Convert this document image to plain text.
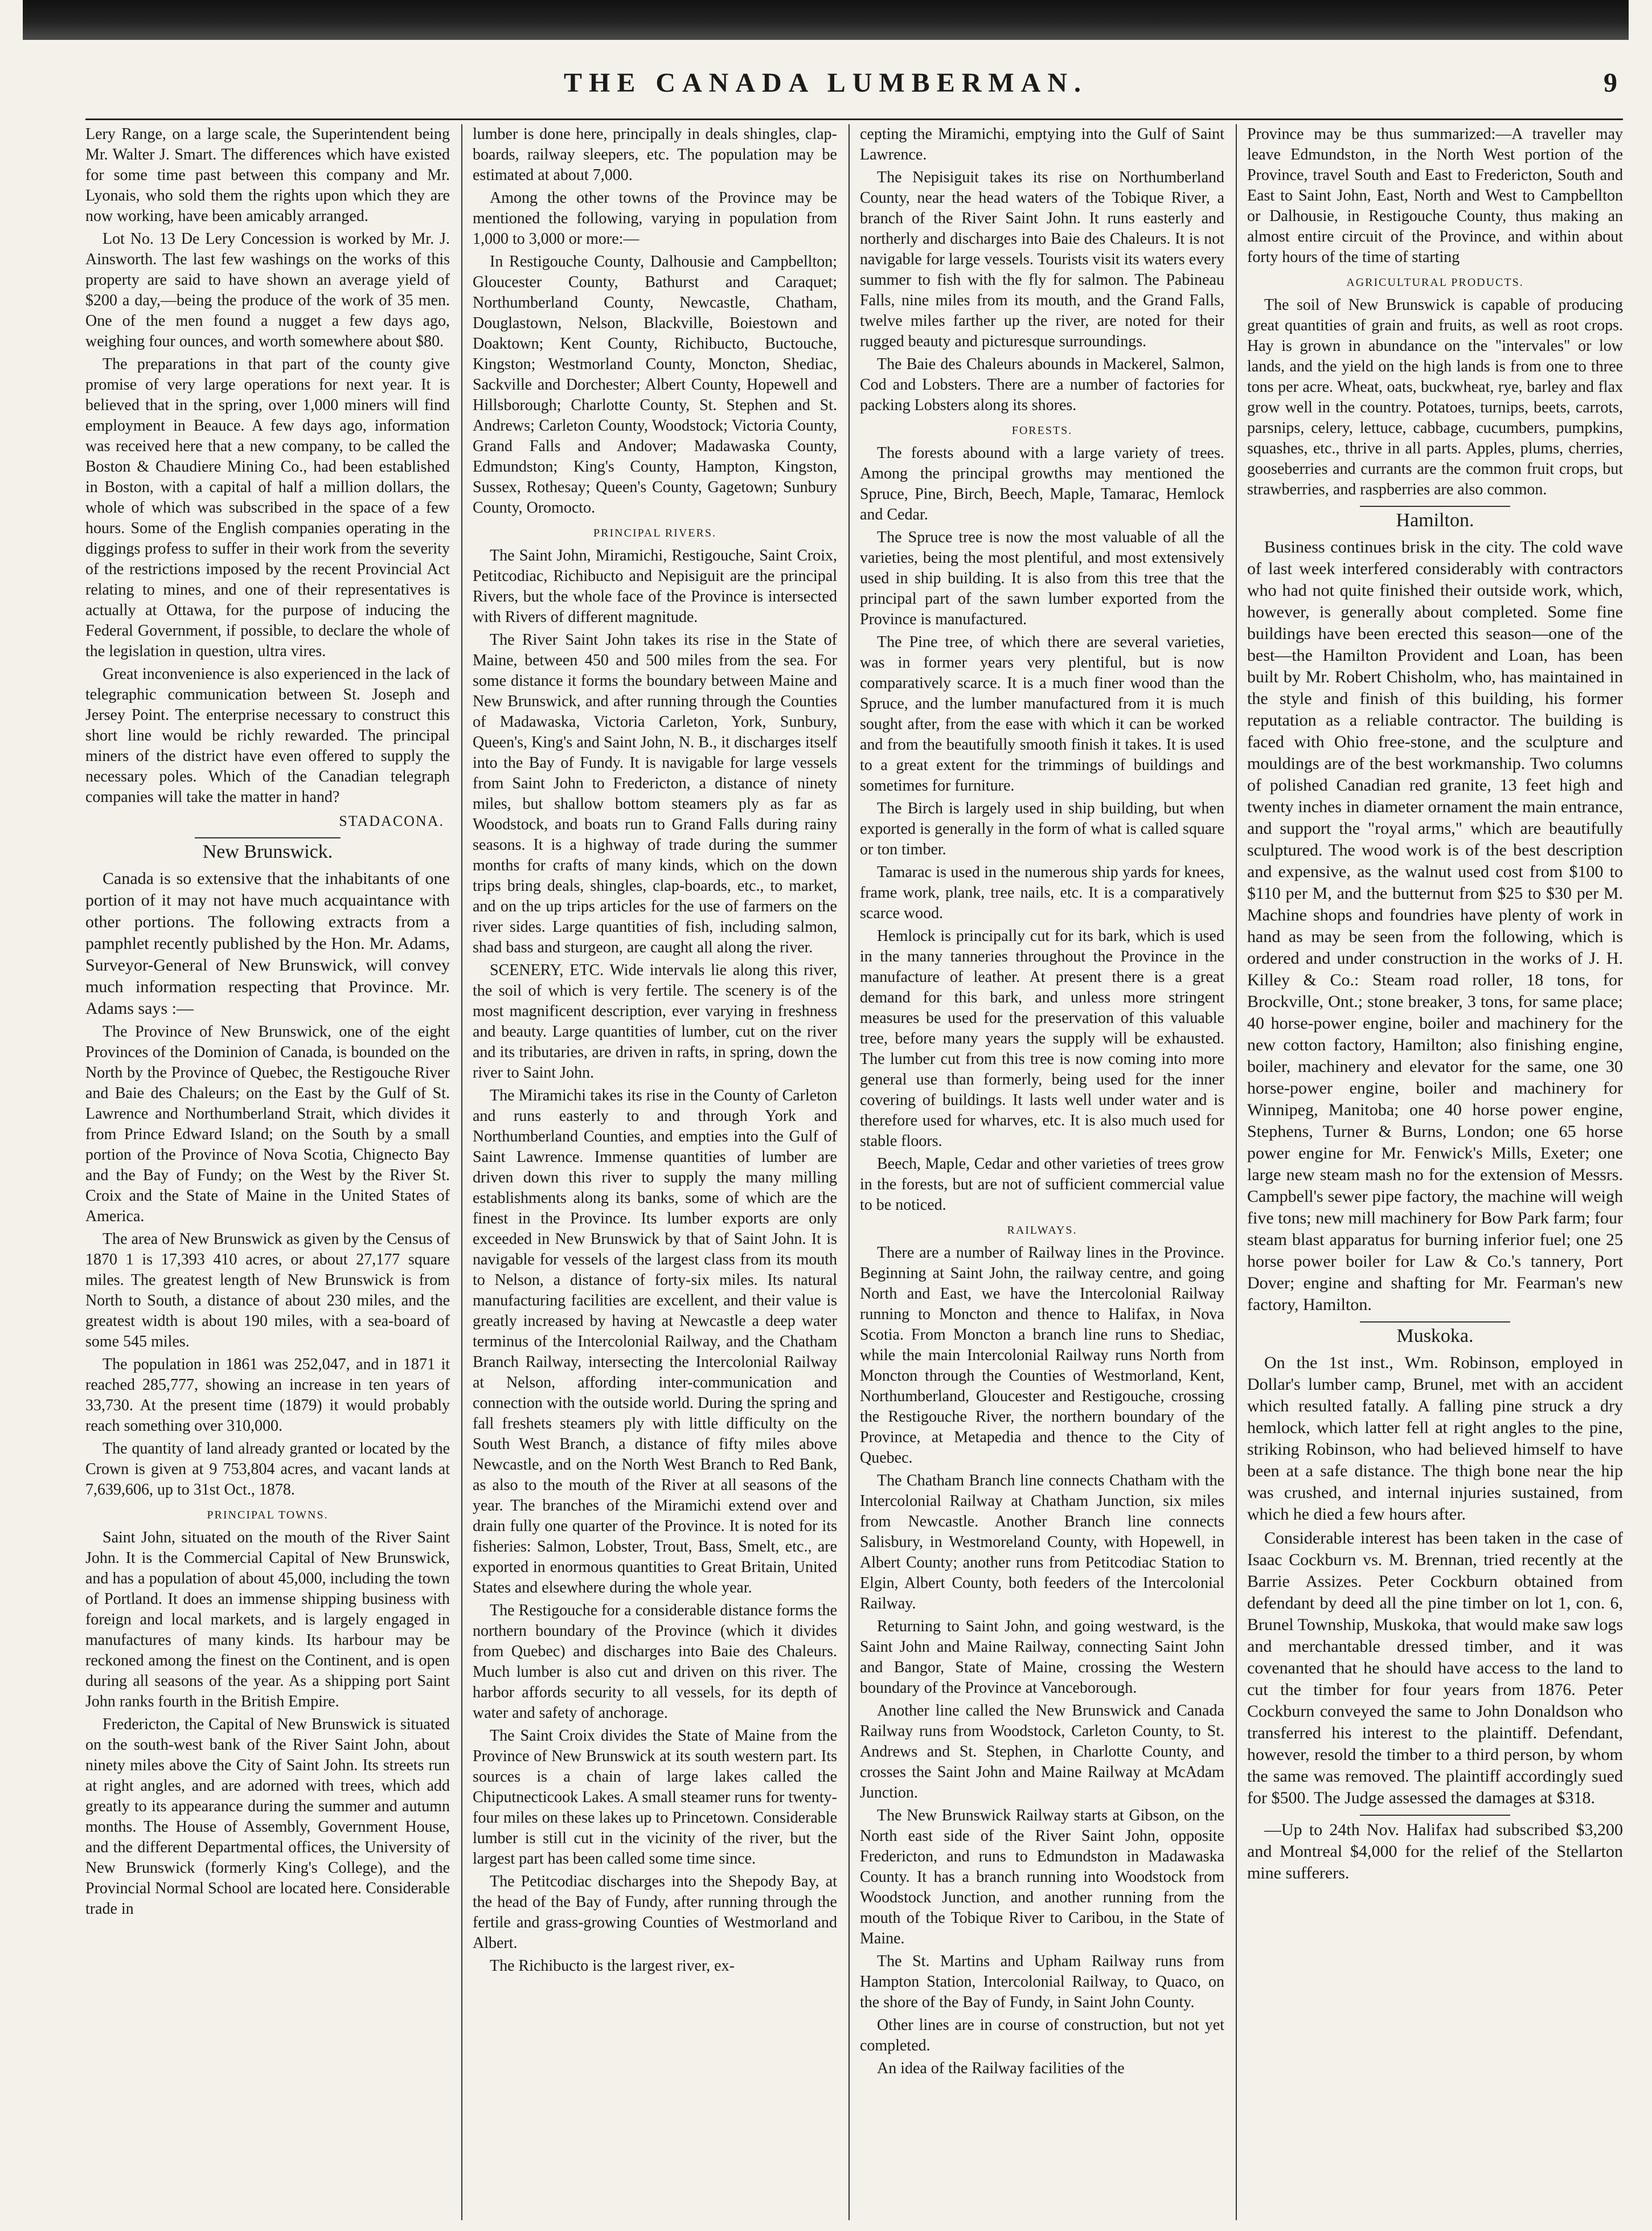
THE CANADA LUMBERMAN.	9

Lery Range, on a large scale, the Superintendent being Mr. Walter J. Smart. The differences which have existed for some time past between this company and Mr. Lyonais, who sold them the rights upon which they are now working, have been amicably arranged.

Lot No. 13 De Lery Concession is worked by Mr. J. Ainsworth. The last few washings on the works of this property are said to have shown an average yield of $200 a day,—being the produce of the work of 35 men. One of the men found a nugget a few days ago, weighing four ounces, and worth somewhere about $80.

The preparations in that part of the county give promise of very large operations for next year. It is believed that in the spring, over 1,000 miners will find employment in Beauce. A few days ago, information was received here that a new company, to be called the Boston & Chaudiere Mining Co., had been established in Boston, with a capital of half a million dollars, the whole of which was subscribed in the space of a few hours. Some of the English companies operating in the diggings profess to suffer in their work from the severity of the restrictions imposed by the recent Provincial Act relating to mines, and one of their representatives is actually at Ottawa, for the purpose of inducing the Federal Government, if possible, to declare the whole of the legislation in question, ultra vires.

Great inconvenience is also experienced in the lack of telegraphic communication between St. Joseph and Jersey Point. The enterprise necessary to construct this short line would be richly rewarded. The principal miners of the district have even offered to supply the necessary poles. Which of the Canadian telegraph companies will take the matter in hand?

STADACONA.
New Brunswick.

Canada is so extensive that the inhabitants of one portion of it may not have much acquaintance with other portions. The following extracts from a pamphlet recently published by the Hon. Mr. Adams, Surveyor-General of New Brunswick, will convey much information respecting that Province. Mr. Adams says :—

The Province of New Brunswick, one of the eight Provinces of the Dominion of Canada, is bounded on the North by the Province of Quebec, the Restigouche River and Baie des Chaleurs; on the East by the Gulf of St. Lawrence and Northumberland Strait, which divides it from Prince Edward Island; on the South by a small portion of the Province of Nova Scotia, Chignecto Bay and the Bay of Fundy; on the West by the River St. Croix and the State of Maine in the United States of America.

The area of New Brunswick as given by the Census of 1870 1 is 17,393 410 acres, or about 27,177 square miles. The greatest length of New Brunswick is from North to South, a distance of about 230 miles, and the greatest width is about 190 miles, with a sea-board of some 545 miles.

The population in 1861 was 252,047, and in 1871 it reached 285,777, showing an increase in ten years of 33,730. At the present time (1879) it would probably reach something over 310,000.

The quantity of land already granted or located by the Crown is given at 9 753,804 acres, and vacant lands at 7,639,606, up to 31st Oct., 1878.

PRINCIPAL TOWNS.

Saint John, situated on the mouth of the River Saint John. It is the Commercial Capital of New Brunswick, and has a population of about 45,000, including the town of Portland. It does an immense shipping business with foreign and local markets, and is largely engaged in manufactures of many kinds. Its harbour may be reckoned among the finest on the Continent, and is open during all seasons of the year. As a shipping port Saint John ranks fourth in the British Empire.

Fredericton, the Capital of New Brunswick is situated on the south-west bank of the River Saint John, about ninety miles above the City of Saint John. Its streets run at right angles, and are adorned with trees, which add greatly to its appearance during the summer and autumn months. The House of Assembly, Government House, and the different Departmental offices, the University of New Brunswick (formerly King's College), and the Provincial Normal School are located here. Considerable trade in

lumber is done here, principally in deals shingles, clap-boards, railway sleepers, etc. The population may be estimated at about 7,000.

Among the other towns of the Province may be mentioned the following, varying in population from 1,000 to 3,000 or more:—

In Restigouche County, Dalhousie and Campbellton; Gloucester County, Bathurst and Caraquet; Northumberland County, Newcastle, Chatham, Douglastown, Nelson, Blackville, Boiestown and Doaktown; Kent County, Richibucto, Buctouche, Kingston; Westmorland County, Moncton, Shediac, Sackville and Dorchester; Albert County, Hopewell and Hillsborough; Charlotte County, St. Stephen and St. Andrews; Carleton County, Woodstock; Victoria County, Grand Falls and Andover; Madawaska County, Edmundston; King's County, Hampton, Kingston, Sussex, Rothesay; Queen's County, Gagetown; Sunbury County, Oromocto.

PRINCIPAL RIVERS.

The Saint John, Miramichi, Restigouche, Saint Croix, Petitcodiac, Richibucto and Nepisiguit are the principal Rivers, but the whole face of the Province is intersected with Rivers of different magnitude.

The River Saint John takes its rise in the State of Maine, between 450 and 500 miles from the sea. For some distance it forms the boundary between Maine and New Brunswick, and after running through the Counties of Madawaska, Victoria Carleton, York, Sunbury, Queen's, King's and Saint John, N. B., it discharges itself into the Bay of Fundy. It is navigable for large vessels from Saint John to Fredericton, a distance of ninety miles, but shallow bottom steamers ply as far as Woodstock, and boats run to Grand Falls during rainy seasons. It is a highway of trade during the summer months for crafts of many kinds, which on the down trips bring deals, shingles, clap-boards, etc., to market, and on the up trips articles for the use of farmers on the river sides. Large quantities of fish, including salmon, shad bass and sturgeon, are caught all along the river.

SCENERY, ETC. Wide intervals lie along this river, the soil of which is very fertile. The scenery is of the most magnificent description, ever varying in freshness and beauty. Large quantities of lumber, cut on the river and its tributaries, are driven in rafts, in spring, down the river to Saint John.

The Miramichi takes its rise in the County of Carleton and runs easterly to and through York and Northumberland Counties, and empties into the Gulf of Saint Lawrence. Immense quantities of lumber are driven down this river to supply the many milling establishments along its banks, some of which are the finest in the Province. Its lumber exports are only exceeded in New Brunswick by that of Saint John. It is navigable for vessels of the largest class from its mouth to Nelson, a distance of forty-six miles. Its natural manufacturing facilities are excellent, and their value is greatly increased by having at Newcastle a deep water terminus of the Intercolonial Railway, and the Chatham Branch Railway, intersecting the Intercolonial Railway at Nelson, affording inter-communication and connection with the outside world. During the spring and fall freshets steamers ply with little difficulty on the South West Branch, a distance of fifty miles above Newcastle, and on the North West Branch to Red Bank, as also to the mouth of the River at all seasons of the year. The branches of the Miramichi extend over and drain fully one quarter of the Province. It is noted for its fisheries: Salmon, Lobster, Trout, Bass, Smelt, etc., are exported in enormous quantities to Great Britain, United States and elsewhere during the whole year.

The Restigouche for a considerable distance forms the northern boundary of the Province (which it divides from Quebec) and discharges into Baie des Chaleurs. Much lumber is also cut and driven on this river. The harbor affords security to all vessels, for its depth of water and safety of anchorage.

The Saint Croix divides the State of Maine from the Province of New Brunswick at its south western part. Its sources is a chain of large lakes called the Chiputnecticook Lakes. A small steamer runs for twenty-four miles on these lakes up to Princetown. Considerable lumber is still cut in the vicinity of the river, but the largest part has been called some time since.

The Petitcodiac discharges into the Shepody Bay, at the head of the Bay of Fundy, after running through the fertile and grass-growing Counties of Westmorland and Albert.

The Richibucto is the largest river, ex-

cepting the Miramichi, emptying into the Gulf of Saint Lawrence.

The Nepisiguit takes its rise on Northumberland County, near the head waters of the Tobique River, a branch of the River Saint John. It runs easterly and northerly and discharges into Baie des Chaleurs. It is not navigable for large vessels. Tourists visit its waters every summer to fish with the fly for salmon. The Pabineau Falls, nine miles from its mouth, and the Grand Falls, twelve miles farther up the river, are noted for their rugged beauty and picturesque surroundings.

The Baie des Chaleurs abounds in Mackerel, Salmon, Cod and Lobsters. There are a number of factories for packing Lobsters along its shores.

FORESTS.

The forests abound with a large variety of trees. Among the principal growths may mentioned the Spruce, Pine, Birch, Beech, Maple, Tamarac, Hemlock and Cedar.

The Spruce tree is now the most valuable of all the varieties, being the most plentiful, and most extensively used in ship building. It is also from this tree that the principal part of the sawn lumber exported from the Province is manufactured.

The Pine tree, of which there are several varieties, was in former years very plentiful, but is now comparatively scarce. It is a much finer wood than the Spruce, and the lumber manufactured from it is much sought after, from the ease with which it can be worked and from the beautifully smooth finish it takes. It is used to a great extent for the trimmings of buildings and sometimes for furniture.

The Birch is largely used in ship building, but when exported is generally in the form of what is called square or ton timber.

Tamarac is used in the numerous ship yards for knees, frame work, plank, tree nails, etc. It is a comparatively scarce wood.

Hemlock is principally cut for its bark, which is used in the many tanneries throughout the Province in the manufacture of leather. At present there is a great demand for this bark, and unless more stringent measures be used for the preservation of this valuable tree, before many years the supply will be exhausted. The lumber cut from this tree is now coming into more general use than formerly, being used for the inner covering of buildings. It lasts well under water and is therefore used for wharves, etc. It is also much used for stable floors.

Beech, Maple, Cedar and other varieties of trees grow in the forests, but are not of sufficient commercial value to be noticed.

RAILWAYS.

There are a number of Railway lines in the Province. Beginning at Saint John, the railway centre, and going North and East, we have the Intercolonial Railway running to Moncton and thence to Halifax, in Nova Scotia. From Moncton a branch line runs to Shediac, while the main Intercolonial Railway runs North from Moncton through the Counties of Westmorland, Kent, Northumberland, Gloucester and Restigouche, crossing the Restigouche River, the northern boundary of the Province, at Metapedia and thence to the City of Quebec.

The Chatham Branch line connects Chatham with the Intercolonial Railway at Chatham Junction, six miles from Newcastle. Another Branch line connects Salisbury, in Westmoreland County, with Hopewell, in Albert County; another runs from Petitcodiac Station to Elgin, Albert County, both feeders of the Intercolonial Railway.

Returning to Saint John, and going westward, is the Saint John and Maine Railway, connecting Saint John and Bangor, State of Maine, crossing the Western boundary of the Province at Vanceborough.

Another line called the New Brunswick and Canada Railway runs from Woodstock, Carleton County, to St. Andrews and St. Stephen, in Charlotte County, and crosses the Saint John and Maine Railway at McAdam Junction.

The New Brunswick Railway starts at Gibson, on the North east side of the River Saint John, opposite Fredericton, and runs to Edmundston in Madawaska County. It has a branch running into Woodstock from Woodstock Junction, and another running from the mouth of the Tobique River to Caribou, in the State of Maine.

The St. Martins and Upham Railway runs from Hampton Station, Intercolonial Railway, to Quaco, on the shore of the Bay of Fundy, in Saint John County.

Other lines are in course of construction, but not yet completed.

An idea of the Railway facilities of the

Province may be thus summarized:—A traveller may leave Edmundston, in the North West portion of the Province, travel South and East to Fredericton, South and East to Saint John, East, North and West to Campbellton or Dalhousie, in Restigouche County, thus making an almost entire circuit of the Province, and within about forty hours of the time of starting

AGRICULTURAL PRODUCTS.

The soil of New Brunswick is capable of producing great quantities of grain and fruits, as well as root crops. Hay is grown in abundance on the "intervales" or low lands, and the yield on the high lands is from one to three tons per acre. Wheat, oats, buckwheat, rye, barley and flax grow well in the country. Potatoes, turnips, beets, carrots, parsnips, celery, lettuce, cabbage, cucumbers, pumpkins, squashes, etc., thrive in all parts. Apples, plums, cherries, gooseberries and currants are the common fruit crops, but strawberries, and raspberries are also common.

Hamilton.

Business continues brisk in the city. The cold wave of last week interfered considerably with contractors who had not quite finished their outside work, which, however, is generally about completed. Some fine buildings have been erected this season—one of the best—the Hamilton Provident and Loan, has been built by Mr. Robert Chisholm, who, has maintained in the style and finish of this building, his former reputation as a reliable contractor. The building is faced with Ohio free-stone, and the sculpture and mouldings are of the best workmanship. Two columns of polished Canadian red granite, 13 feet high and twenty inches in diameter ornament the main entrance, and support the "royal arms," which are beautifully sculptured. The wood work is of the best description and expensive, as the walnut used cost from $100 to $110 per M, and the butternut from $25 to $30 per M. Machine shops and foundries have plenty of work in hand as may be seen from the following, which is ordered and under construction in the works of J. H. Killey & Co.: Steam road roller, 18 tons, for Brockville, Ont.; stone breaker, 3 tons, for same place; 40 horse-power engine, boiler and machinery for the new cotton factory, Hamilton; also finishing engine, boiler, machinery and elevator for the same, one 30 horse-power engine, boiler and machinery for Winnipeg, Manitoba; one 40 horse power engine, Stephens, Turner & Burns, London; one 65 horse power engine for Mr. Fenwick's Mills, Exeter; one large new steam mash no for the extension of Messrs. Campbell's sewer pipe factory, the machine will weigh five tons; new mill machinery for Bow Park farm; four steam blast apparatus for burning inferior fuel; one 25 horse power boiler for Law & Co.'s tannery, Port Dover; engine and shafting for Mr. Fearman's new factory, Hamilton.

Muskoka.

On the 1st inst., Wm. Robinson, employed in Dollar's lumber camp, Brunel, met with an accident which resulted fatally. A falling pine struck a dry hemlock, which latter fell at right angles to the pine, striking Robinson, who had believed himself to have been at a safe distance. The thigh bone near the hip was crushed, and internal injuries sustained, from which he died a few hours after.

Considerable interest has been taken in the case of Isaac Cockburn vs. M. Brennan, tried recently at the Barrie Assizes. Peter Cockburn obtained from defendant by deed all the pine timber on lot 1, con. 6, Brunel Township, Muskoka, that would make saw logs and merchantable dressed timber, and it was covenanted that he should have access to the land to cut the timber for four years from 1876. Peter Cockburn conveyed the same to John Donaldson who transferred his interest to the plaintiff. Defendant, however, resold the timber to a third person, by whom the same was removed. The plaintiff accordingly sued for $500. The Judge assessed the damages at $318.

—Up to 24th Nov. Halifax had subscribed $3,200 and Montreal $4,000 for the relief of the Stellarton mine sufferers.
